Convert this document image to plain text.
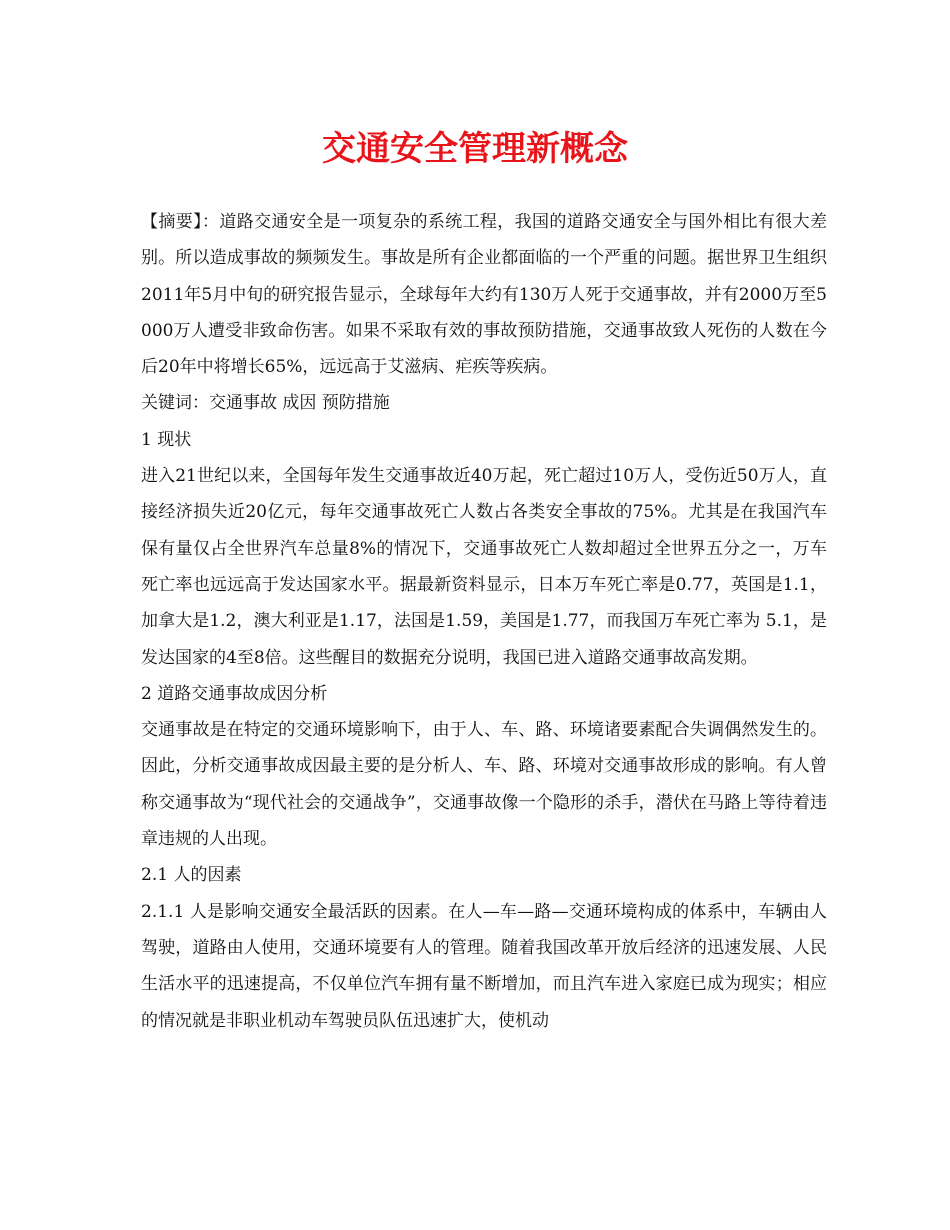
交通安全管理新概念

【摘要】：道路交通安全是一项复杂的系统工程，我国的道路交通安全与国外相比有很大差别。所以造成事故的频频发生。事故是所有企业都面临的一个严重的问题。据世界卫生组织2011年5月中旬的研究报告显示，全球每年大约有130万人死于交通事故，并有2000万至5000万人遭受非致命伤害。如果不采取有效的事故预防措施，交通事故致人死伤的人数在今后20年中将增长65%，远远高于艾滋病、疟疾等疾病。

关键词：交通事故 成因 预防措施

1 现状

进入21世纪以来，全国每年发生交通事故近40万起，死亡超过10万人，受伤近50万人，直接经济损失近20亿元，每年交通事故死亡人数占各类安全事故的75%。尤其是在我国汽车保有量仅占全世界汽车总量8%的情况下，交通事故死亡人数却超过全世界五分之一，万车死亡率也远远高于发达国家水平。据最新资料显示，日本万车死亡率是0.77，英国是1.1，加拿大是1.2，澳大利亚是1.17，法国是1.59，美国是1.77，而我国万车死亡率为 5.1，是发达国家的4至8倍。这些醒目的数据充分说明，我国已进入道路交通事故高发期。

2 道路交通事故成因分析

交通事故是在特定的交通环境影响下，由于人、车、路、环境诸要素配合失调偶然发生的。因此，分析交通事故成因最主要的是分析人、车、路、环境对交通事故形成的影响。有人曾称交通事故为“现代社会的交通战争”，交通事故像一个隐形的杀手，潜伏在马路上等待着违章违规的人出现。

2.1 人的因素

2.1.1 人是影响交通安全最活跃的因素。在人—车—路—交通环境构成的体系中，车辆由人驾驶，道路由人使用，交通环境要有人的管理。随着我国改革开放后经济的迅速发展、人民生活水平的迅速提高，不仅单位汽车拥有量不断增加，而且汽车进入家庭已成为现实；相应的情况就是非职业机动车驾驶员队伍迅速扩大，使机动
